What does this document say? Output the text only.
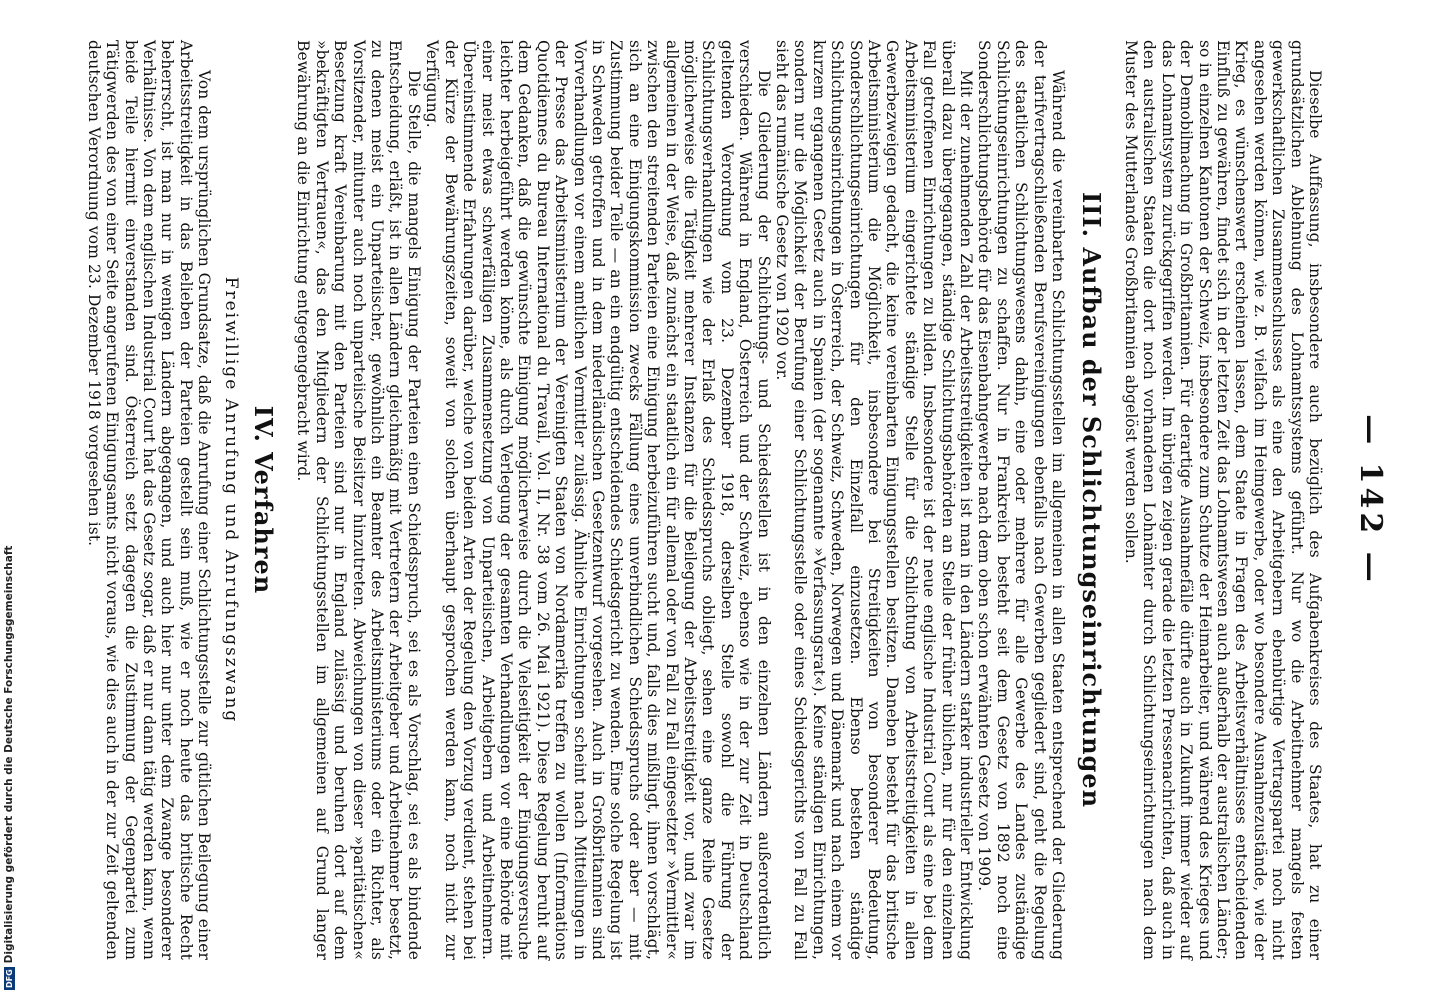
— 142 —

Dieselbe Auffassung, insbesondere auch bezüglich des Aufgabenkreises des Staates, hat zu einer grundsätzlichen Ablehnung des Lohnamtssystems geführt. Nur wo die Arbeitnehmer mangels festen gewerkschaftlichen Zusammenschlusses als eine den Arbeitgebern ebenbürtige Vertragspartei noch nicht angesehen werden können, wie z. B. vielfach im Heimgewerbe, oder wo besondere Ausnahmezustände, wie der Krieg, es wünschenswert erscheinen lassen, dem Staate in Fragen des Arbeitsverhältnisses entscheidenden Einfluß zu gewähren, findet sich in der letzten Zeit das Lohnamtswesen auch außerhalb der australischen Länder; so in einzelnen Kantonen der Schweiz, insbesondere zum Schutze der Heimarbeiter, und während des Krieges und der Demobilmachung in Großbritannien. Für derartige Ausnahmefälle dürfte auch in Zukunft immer wieder auf das Lohnamtsystem zurückgegriffen werden. Im übrigen zeigen gerade die letzten Pressenachrichten, daß auch in den australischen Staaten die dort noch vorhandenen Lohnämter durch Schlichtungseinrichtungen nach dem Muster des Mutterlandes Großbritannien abgelöst werden sollen.

III. Aufbau der Schlichtungseinrichtungen

Während die vereinbarten Schlichtungsstellen im allgemeinen in allen Staaten entsprechend der Gliederung der tarifvertragschließenden Berufsvereinigungen ebenfalls nach Gewerben gegliedert sind, geht die Regelung des staatlichen Schlichtungswesens dahin, eine oder mehrere für alle Gewerbe des Landes zuständige Schlichtungseinrichtungen zu schaffen. Nur in Frankreich besteht seit dem Gesetz von 1892 noch eine Sonderschlichtungsbehörde für das Eisenbahngewerbe nach dem oben schon erwähnten Gesetz von 1909.

Mit der zunehmenden Zahl der Arbeitsstreitigkeiten ist man in den Ländern starker industrieller Entwicklung überall dazu übergegangen, ständige Schlichtungsbehörden an Stelle der früher üblichen, nur für den einzelnen Fall getroffenen Einrichtungen zu bilden. Insbesondere ist der neue englische Industrial Court als eine bei dem Arbeitsministerium eingerichtete ständige Stelle für die Schlichtung von Arbeitsstreitigkeiten in allen Gewerbezweigen gedacht, die keine vereinbarten Einigungsstellen besitzen. Daneben besteht für das britische Arbeitsministerium die Möglichkeit, insbesondere bei Streitigkeiten von besonderer Bedeutung, Sonderschlichtungseinrichtungen für den Einzelfall einzusetzen. Ebenso bestehen ständige Schlichtungseinrichtungen in Österreich, der Schweiz, Schweden, Norwegen und Dänemark und nach einem vor kurzem ergangenen Gesetz auch in Spanien (der sogenannte »Verfassungsrat«). Keine ständigen Einrichtungen, sondern nur die Möglichkeit der Berufung einer Schlichtungsstelle oder eines Schiedsgerichts von Fall zu Fall sieht das rumänische Gesetz von 1920 vor.

Die Gliederung der Schlichtungs- und Schiedsstellen ist in den einzelnen Ländern außerordentlich verschieden. Während in England, Österreich und der Schweiz, ebenso wie in der zur Zeit in Deutschland geltenden Verordnung vom 23. Dezember 1918, derselben Stelle sowohl die Führung der Schlichtungsverhandlungen wie der Erlaß des Schiedsspruchs obliegt, sehen eine ganze Reihe Gesetze möglicherweise die Tätigkeit mehrerer Instanzen für die Beilegung der Arbeitsstreitigkeit vor, und zwar im allgemeinen in der Weise, daß zunächst ein staatlich ein für allemal oder von Fall zu Fall eingesetzter »Vermittler« zwischen den streitenden Parteien eine Einigung herbeizuführen sucht und, falls dies mißlingt, ihnen vorschlägt, sich an eine Einigungskommission zwecks Fällung eines unverbindlichen Schiedsspruchs oder aber — mit Zustimmung beider Teile — an ein endgültig entscheidendes Schiedsgericht zu wenden. Eine solche Regelung ist in Schweden getroffen und in dem niederländischen Gesetzentwurf vorgesehen. Auch in Großbritannien sind Vorverhandlungen vor einem amtlichen Vermittler zulässig. Ähnliche Einrichtungen scheint nach Mitteilungen in der Presse das Arbeitsministerium der Vereinigten Staaten von Nordamerika treffen zu wollen (Informations Quotidiennes du Bureau International du Travail, Vol. II, Nr. 38 vom 26. Mai 1921). Diese Regelung beruht auf dem Gedanken, daß die gewünschte Einigung möglicherweise durch die Vielseitigkeit der Einigungsversuche leichter herbeigeführt werden könne, als durch Verlegung der gesamten Verhandlungen vor eine Behörde mit einer meist etwas schwerfälligen Zusammensetzung von Unparteiischen, Arbeitgebern und Arbeitnehmern. Übereinstimmende Erfahrungen darüber, welche von beiden Arten der Regelung den Vorzug verdient, stehen bei der Kürze der Bewährungszeiten, soweit von solchen überhaupt gesprochen werden kann, noch nicht zur Verfügung.

Die Stelle, die mangels Einigung der Parteien einen Schiedsspruch, sei es als Vorschlag, sei es als bindende Entscheidung, erläßt, ist in allen Ländern gleichmäßig mit Vertretern der Arbeitgeber und Arbeitnehmer besetzt, zu denen meist ein Unparteiischer, gewöhnlich ein Beamter des Arbeitsministeriums oder ein Richter, als Vorsitzender, mitunter auch noch unparteiische Beisitzer hinzutreten. Abweichungen von dieser »paritätischen« Besetzung kraft Vereinbarung mit den Parteien sind nur in England zulässig und beruhen dort auf dem »bekräftigten Vertrauen«, das den Mitgliedern der Schlichtungsstellen im allgemeinen auf Grund langer Bewährung an die Einrichtung entgegengebracht wird.

IV. Verfahren
Freiwillige Anrufung und Anrufungszwang

Von dem ursprünglichen Grundsatze, daß die Anrufung einer Schlichtungsstelle zur gütlichen Beilegung einer Arbeitsstreitigkeit in das Belieben der Parteien gestellt sein muß, wie er noch heute das britische Recht beherrscht, ist man nur in wenigen Ländern abgegangen, und auch hier nur unter dem Zwange besonderer Verhältnisse. Von dem englischen Industrial Court hat das Gesetz sogar, daß er nur dann tätig werden kann, wenn beide Teile hiermit einverstanden sind. Österreich setzt dagegen die Zustimmung der Gegenpartei zum Tätigwerden des von einer Seite angerufenen Einigungsamts nicht voraus, wie dies auch in der zur Zeit geltenden deutschen Verordnung vom 23. Dezember 1918 vorgesehen ist.

DFGDigitalisierung gefördert durch die Deutsche Forschungsgemeinschaft
